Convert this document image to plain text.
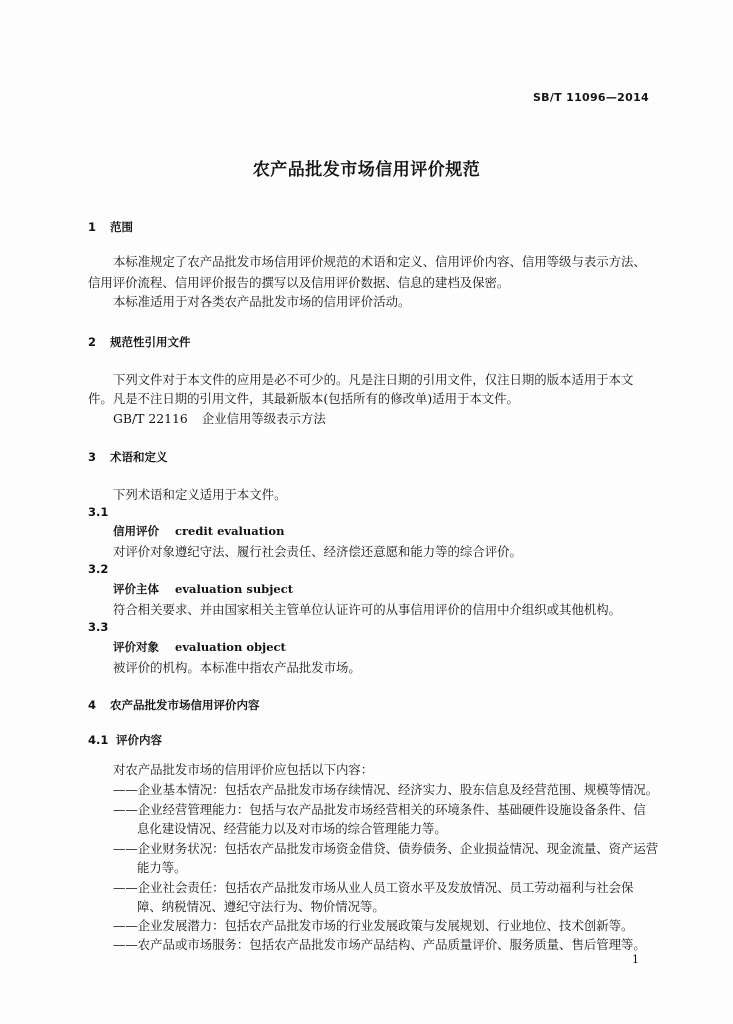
SB/T 11096—2014
农产品批发市场信用评价规范
1 范围
本标准规定了农产品批发市场信用评价规范的术语和定义、信用评价内容、信用等级与表示方法、
信用评价流程、信用评价报告的撰写以及信用评价数据、信息的建档及保密。
本标准适用于对各类农产品批发市场的信用评价活动。
2 规范性引用文件
下列文件对于本文件的应用是必不可少的。凡是注日期的引用文件，仅注日期的版本适用于本文
件。凡是不注日期的引用文件，其最新版本(包括所有的修改单)适用于本文件。
GB/T 22116 企业信用等级表示方法
3 术语和定义
下列术语和定义适用于本文件。
3.1
信用评价 credit evaluation
对评价对象遵纪守法、履行社会责任、经济偿还意愿和能力等的综合评价。
3.2
评价主体 evaluation subject
符合相关要求、并由国家相关主管单位认证许可的从事信用评价的信用中介组织或其他机构。
3.3
评价对象 evaluation object
被评价的机构。本标准中指农产品批发市场。
4 农产品批发市场信用评价内容
4.1 评价内容
对农产品批发市场的信用评价应包括以下内容：
——企业基本情况：包括农产品批发市场存续情况、经济实力、股东信息及经营范围、规模等情况。
——企业经营管理能力：包括与农产品批发市场经营相关的环境条件、基础硬件设施设备条件、信
息化建设情况、经营能力以及对市场的综合管理能力等。
——企业财务状况：包括农产品批发市场资金借贷、债券债务、企业损益情况、现金流量、资产运营
能力等。
——企业社会责任：包括农产品批发市场从业人员工资水平及发放情况、员工劳动福利与社会保
障、纳税情况、遵纪守法行为、物价情况等。
——企业发展潜力：包括农产品批发市场的行业发展政策与发展规划、行业地位、技术创新等。
——农产品或市场服务：包括农产品批发市场产品结构、产品质量评价、服务质量、售后管理等。
1
